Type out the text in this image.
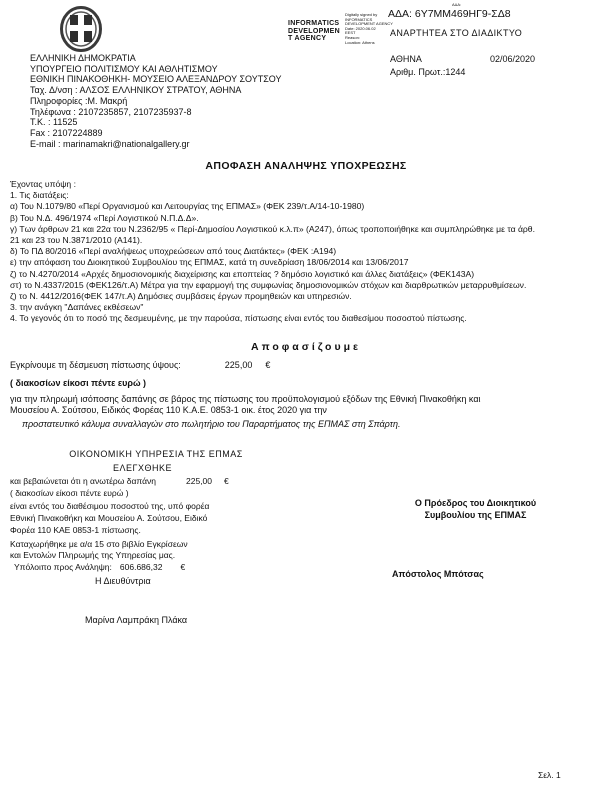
INFORMATICS
DEVELOPMEN
T AGENCY
Digitally signed by
INFORMATICS
DEVELOPMENT AGENCY
Date: 2020.06.02
EEST
Reason:
Location: Athens
ΑΔΑ:
ΑΔΑ: 6Υ7ΜΜ469ΗΓ9-ΣΔ8
ΑΝΑΡΤΗΤΕΑ ΣΤΟ ΔΙΑΔΙΚΤΥΟ
ΑΘΗΝΑ	02/06/2020
Αριθμ. Πρωτ.:1244
ΕΛΛΗΝΙΚΗ ΔΗΜΟΚΡΑΤΙΑ
ΥΠΟΥΡΓΕΙΟ ΠΟΛΙΤΙΣΜΟΥ ΚΑΙ ΑΘΛΗΤΙΣΜΟΥ
ΕΘΝΙΚΗ ΠΙΝΑΚΟΘΗΚΗ- ΜΟΥΣΕΙΟ ΑΛΕΞΑΝΔΡΟΥ ΣΟΥΤΣΟΥ
Ταχ. Δ/νση : ΑΛΣΟΣ ΕΛΛΗΝΙΚΟΥ ΣΤΡΑΤΟΥ, ΑΘΗΝΑ
Πληροφορίες :Μ. Μακρή
Τηλέφωνα : 2107235857, 2107235937-8
Τ.Κ. : 11525
Fax : 2107224889
E-mail : marinamakri@nationalgallery.gr
ΑΠΟΦΑΣΗ ΑΝΑΛΗΨΗΣ ΥΠΟΧΡΕΩΣΗΣ
Έχοντας υπόψη :
1. Τις διατάξεις:
α) Του Ν.1079/80 «Περί Οργανισμού και Λειτουργίας της ΕΠΜΑΣ» (ΦΕΚ 239/τ.Α/14-10-1980)
β) Του Ν.Δ. 496/1974 «Περί Λογιστικού Ν.Π.Δ.Δ».
γ) Των άρθρων 21 και 22α του Ν.2362/95 « Περί-Δημοσίου Λογιστικού κ.λ.π» (Α247), όπως τροποποιήθηκε και συμπληρώθηκε με τα άρθ.
21 και 23 του Ν.3871/2010 (Α141).
δ) Το ΠΔ 80/2016 «Περί αναλήψεως υποχρεώσεων από τους Διατάκτες» (ΦΕΚ :Α194)
ε) την απόφαση του Διοικητικού Συμβουλίου της ΕΠΜΑΣ, κατά τη συνεδρίαση 18/06/2014 και 13/06/2017
ζ) το Ν.4270/2014 «Αρχές δημοσιονομικής διαχείρισης και εποπτείας ? δημόσιο λογιστικό και άλλες διατάξεις» (ΦΕΚ143Α)
στ) το Ν.4337/2015 (ΦΕΚ126/τ.Α) Μέτρα για την εφαρμογή της συμφωνίας δημοσιονομικών στόχων και διαρθρωτικών μεταρρυθμίσεων.
ζ) το Ν. 4412/2016(ΦΕΚ 147/τ.Α) Δημόσιες συμβάσεις έργων προμηθειών και υπηρεσιών.
3. την ανάγκη "Δαπάνες εκθέσεων"
4. Το γεγονός ότι το ποσό της δεσμευμένης, με την παρούσα, πίστωσης είναι εντός του διαθεσίμου ποσοστού πίστωσης.
Αποφασίζουμε
Εγκρίνουμε τη δέσμευση πίστωσης ύψους:	225,00 €
( διακοσίων είκοσι πέντε ευρώ )
για την πληρωμή ισόποσης δαπάνης σε βάρος της πίστωσης του προϋπολογισμού εξόδων της Εθνική Πινακοθήκη και
Μουσείου Α. Σούτσου, Ειδικός Φορέας 110 Κ.Α.Ε. 0853-1 οικ. έτος 2020 για την
προστατευτικό κάλυμα συναλλαγών στο πωλητήριο του Παραρτήματος της ΕΠΜΑΣ στη Σπάρτη.
ΟΙΚΟΝΟΜΙΚΗ ΥΠΗΡΕΣΙΑ ΤΗΣ ΕΠΜΑΣ
ΕΛΕΓΧΘΗΚΕ
και βεβαιώνεται ότι η ανωτέρω δαπάνη	225,00 €
( διακοσίων είκοσι πέντε ευρώ )
είναι εντός του διαθέσιμου ποσοστού της, υπό φορέα
Εθνική Πινακοθήκη και Μουσείου Α. Σούτσου, Ειδικό
Φορέα 110 ΚΑΕ 0853-1 πίστωσης.
Καταχωρήθηκε με α/α 15 στο βιβλίο Εγκρίσεων
και Εντολών Πληρωμής της Υπηρεσίας μας.
Υπόλοιπο προς Ανάληψη: 606.686,32 €
Η Διευθύντρια
Μαρίνα Λαμπράκη Πλάκα
Ο Πρόεδρος του Διοικητικού
Συμβουλίου της ΕΠΜΑΣ
Απόστολος Μπότσας
Σελ. 1
